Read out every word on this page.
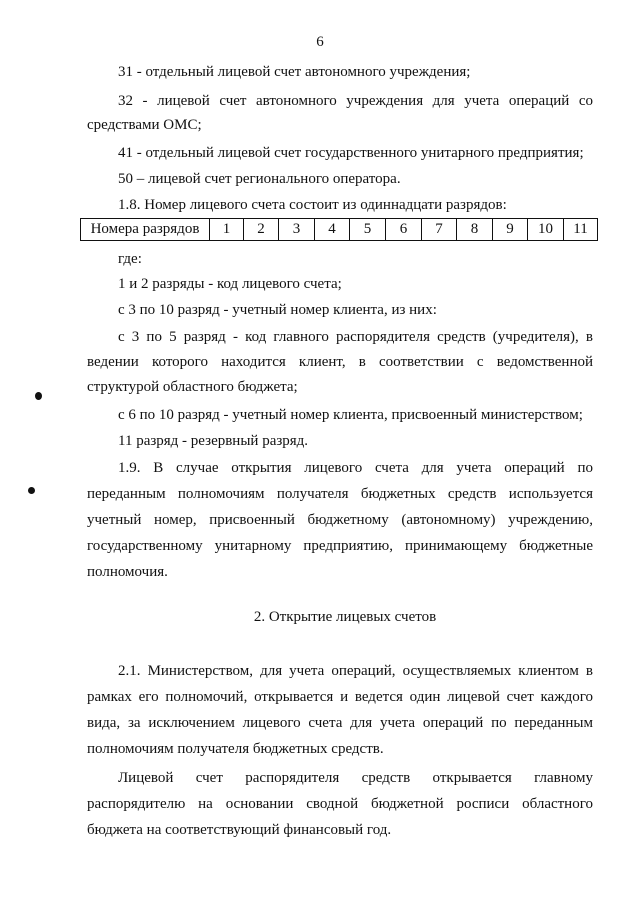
6
31 - отдельный лицевой счет автономного учреждения;
32 - лицевой счет автономного учреждения для учета операций со
средствами ОМС;
41 - отдельный лицевой счет государственного унитарного предприятия;
50 – лицевой счет регионального оператора.
1.8. Номер лицевого счета состоит из одиннадцати разрядов:
Номера разрядов	1	2	3	4	5	6	7	8	9	10	11
где:
1 и 2 разряды - код лицевого счета;
с 3 по 10 разряд - учетный номер клиента, из них:
с 3 по 5 разряд - код главного распорядителя средств (учредителя), в
ведении которого находится клиент, в соответствии с ведомственной
структурой областного бюджета;
с 6 по 10 разряд - учетный номер клиента, присвоенный министерством;
11 разряд - резервный разряд.
1.9. В случае открытия лицевого счета для учета операций по
переданным полномочиям получателя бюджетных средств используется
учетный номер, присвоенный бюджетному (автономному) учреждению,
государственному унитарному предприятию, принимающему бюджетные
полномочия.
2. Открытие лицевых счетов
2.1. Министерством, для учета операций, осуществляемых клиентом в
рамках его полномочий, открывается и ведется один лицевой счет каждого
вида, за исключением лицевого счета для учета операций по переданным
полномочиям получателя бюджетных средств.
Лицевой счет распорядителя средств открывается главному
распорядителю на основании сводной бюджетной росписи областного
бюджета на соответствующий финансовый год.
